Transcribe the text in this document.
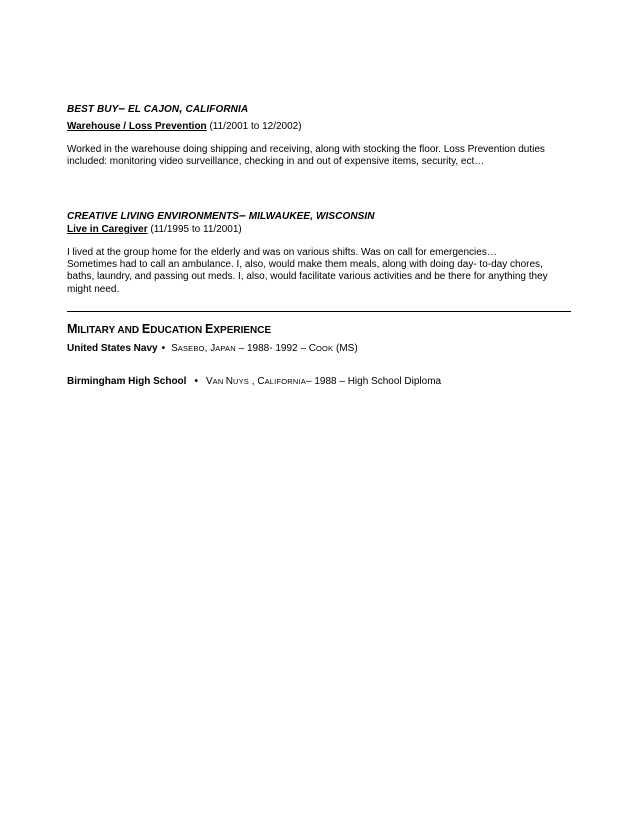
BEST BUY– EL CAJON, CALIFORNIA
Warehouse / Loss Prevention (11/2001 to 12/2002)
Worked in the warehouse doing shipping and receiving, along with stocking the floor. Loss Prevention duties
included: monitoring video surveillance, checking in and out of expensive items, security, ect…
CREATIVE LIVING ENVIRONMENTS– MILWAUKEE, WISCONSIN
Live in Caregiver (11/1995 to 11/2001)
I lived at the group home for the elderly and was on various shifts. Was on call for emergencies…
Sometimes had to call an ambulance. I, also, would make them meals, along with doing day- to-day chores,
baths, laundry, and passing out meds. I, also, would facilitate various activities and be there for anything they
might need.
MILITARY AND EDUCATION EXPERIENCE
United States Navy • SASEBO, JAPAN – 1988- 1992 – COOK (MS)
Birmingham High School • VAN NUYS , CALIFORNIA– 1988 – High School Diploma
